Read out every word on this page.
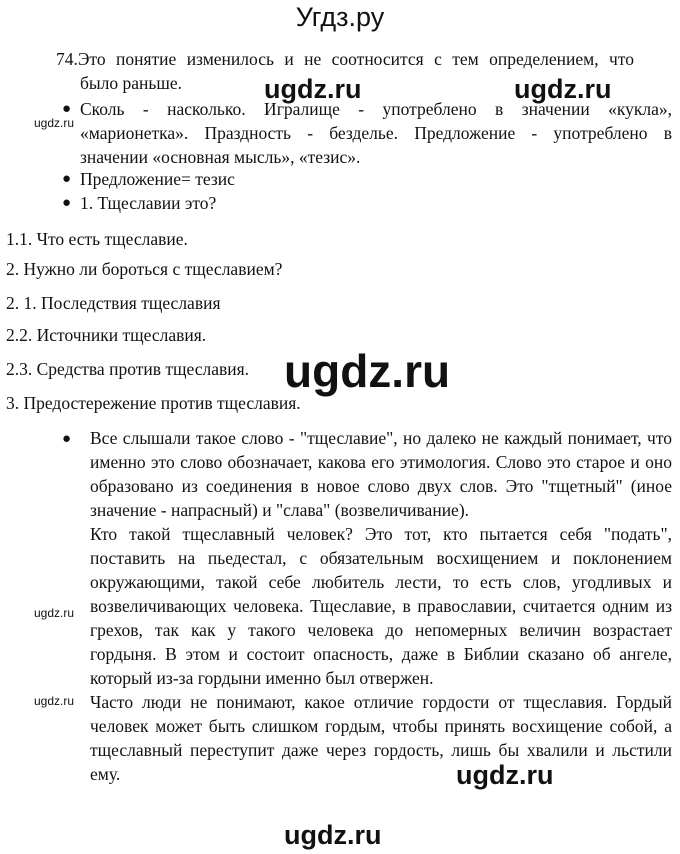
Угдз.ру
74.Это понятие изменилось и не соотносится с тем определением, что
было раньше.
● Сколь - насколько. Игралище - употреблено в значении «кукла»,
«марионетка». Праздность - безделье. Предложение - употреблено в
значении «основная мысль», «тезис».
● Предложение= тезис
● 1. Тщеславии это?
1.1. Что есть тщеславие.
2. Нужно ли бороться с тщеславием?
2. 1. Последствия тщеславия
2.2. Источники тщеславия.
2.3. Средства против тщеславия.
3. Предостережение против тщеславия.
● Все слышали такое слово - "тщеславие", но далеко не каждый понимает, что именно это слово обозначает, какова его этимология. Слово это старое и оно образовано из соединения в новое слово двух слов. Это "тщетный" (иное значение - напрасный) и "слава" (возвеличивание).

Кто такой тщеславный человек? Это тот, кто пытается себя "подать", поставить на пьедестал, с обязательным восхищением и поклонением окружающими, такой себе любитель лести, то есть слов, угодливых и возвеличивающих человека. Тщеславие, в православии, считается одним из грехов, так как у такого человека до непомерных величин возрастает гордыня. В этом и состоит опасность, даже в Библии сказано об ангеле, который из-за гордыни именно был отвержен.

Часто люди не понимают, какое отличие гордости от тщеславия. Гордый человек может быть слишком гордым, чтобы принять восхищение собой, а тщеславный переступит даже через гордость, лишь бы хвалили и льстили ему.

ugdz.ru
ugdz.ru
ugdz.ru
ugdz.ru	ugdz.ru
ugdz.ru
ugdz.ru
ugdz.ru
